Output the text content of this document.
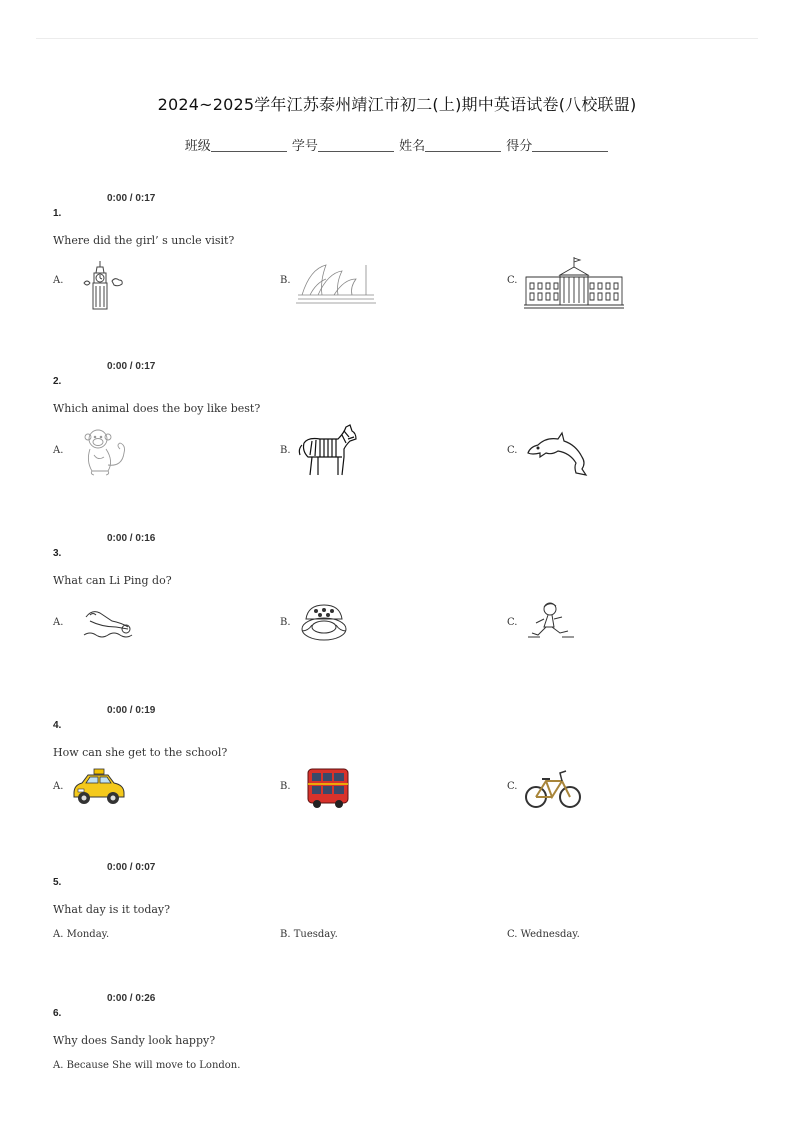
2024~2025学年江苏泰州靖江市初二(上)期中英语试卷(八校联盟)
班级	学号	姓名	得分
0:00 / 0:17
1.
Where did the girl’ s uncle visit?
A.	B.	C.
0:00 / 0:17
2.
Which animal does the boy like best?
A.	B.	C.
0:00 / 0:16
3.
What can Li Ping do?
A.	B.	C.
0:00 / 0:19
4.
How can she get to the school?
A.	B.	C.
0:00 / 0:07
5.
What day is it today?
A. Monday.	B. Tuesday.	C. Wednesday.
0:00 / 0:26
6.
Why does Sandy look happy?
A. Because She will move to London.
